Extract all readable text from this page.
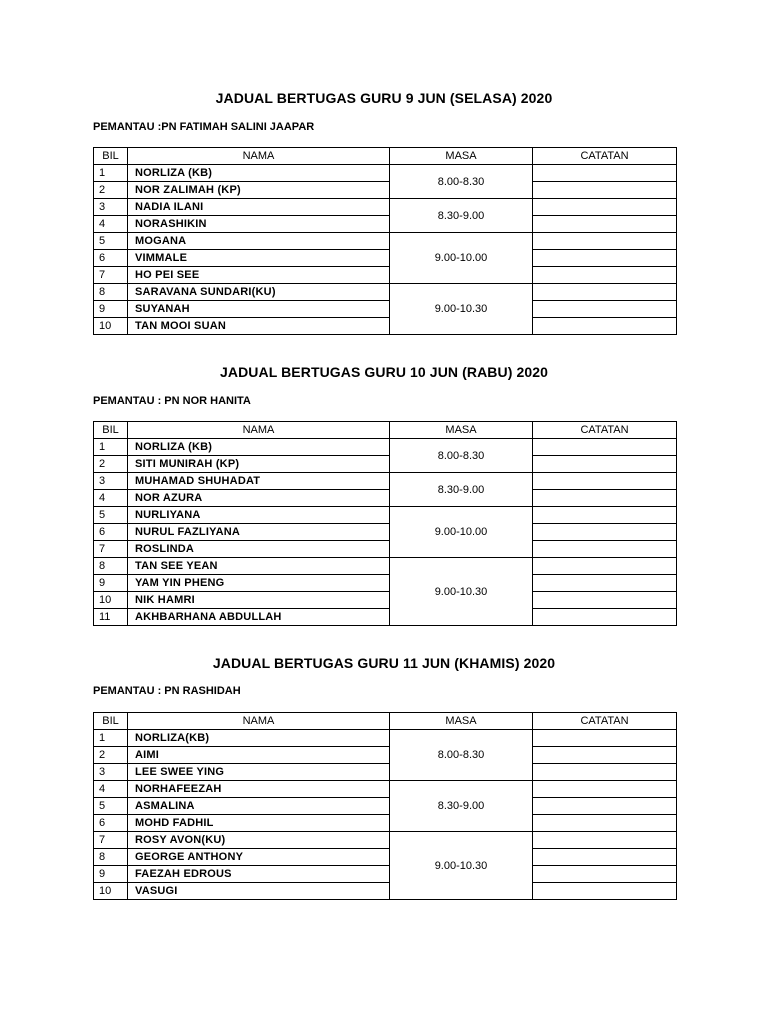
JADUAL BERTUGAS GURU 9 JUN (SELASA) 2020
PEMANTAU :PN FATIMAH SALINI JAAPAR
BIL	NAMA	MASA	CATATAN
1	NORLIZA (KB)	8.00-8.30	
2	NOR ZALIMAH (KP)		
3	NADIA ILANI	8.30-9.00	
4	NORASHIKIN		
5	MOGANA	9.00-10.00	
6	VIMMALE		
7	HO PEI SEE		
8	SARAVANA SUNDARI(KU)	9.00-10.30	
9	SUYANAH		
10	TAN MOOI SUAN		
JADUAL BERTUGAS GURU 10 JUN (RABU) 2020
PEMANTAU : PN NOR HANITA
BIL	NAMA	MASA	CATATAN
1	NORLIZA (KB)	8.00-8.30	
2	SITI MUNIRAH (KP)		
3	MUHAMAD SHUHADAT	8.30-9.00	
4	NOR AZURA		
5	NURLIYANA	9.00-10.00	
6	NURUL FAZLIYANA		
7	ROSLINDA		
8	TAN SEE YEAN	9.00-10.30	
9	YAM YIN PHENG		
10	NIK HAMRI		
11	AKHBARHANA ABDULLAH		
JADUAL BERTUGAS GURU 11 JUN (KHAMIS) 2020
PEMANTAU : PN RASHIDAH
BIL	NAMA	MASA	CATATAN
1	NORLIZA(KB)	8.00-8.30	
2	AIMI		
3	LEE SWEE YING		
4	NORHAFEEZAH	8.30-9.00	
5	ASMALINA		
6	MOHD FADHIL		
7	ROSY AVON(KU)	9.00-10.30	
8	GEORGE ANTHONY		
9	FAEZAH EDROUS		
10	VASUGI		
